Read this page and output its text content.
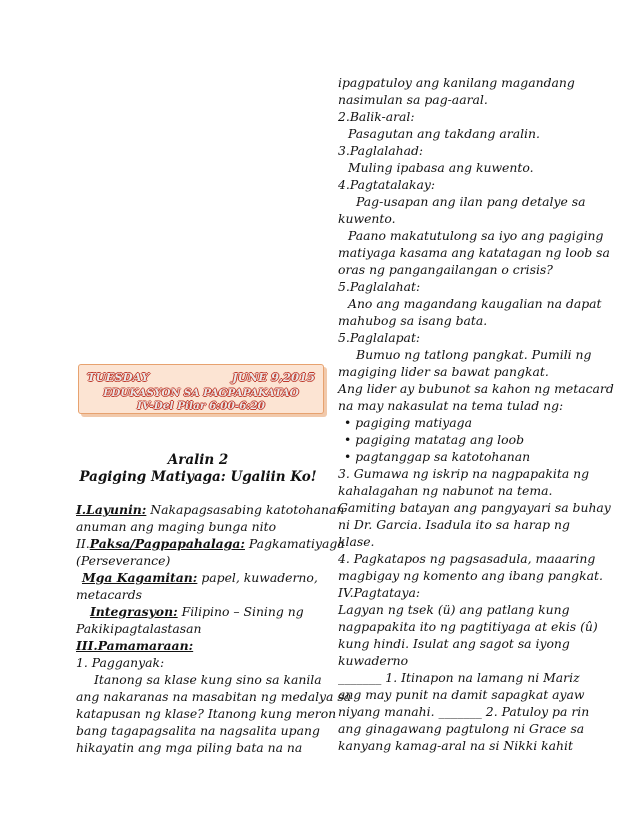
TUESDAY	JUNE 9,2015
EDUKASYON SA PAGPAPAKATAO
IV-Del Pilar 6:00-6:20
Aralin 2
Pagiging Matiyaga: Ugaliin Ko!
I.Layunin: Nakapagsasabing katotohanan
anuman ang maging bunga nito
II.Paksa/Pagpapahalaga: Pagkamatiyaga
(Perseverance)
Mga Kagamitan: papel, kuwaderno,
metacards
Integrasyon: Filipino – Sining ng
Pakikipagtalastasan
III.Pamamaraan:
1. Pagganyak:
Itanong sa klase kung sino sa kanila
ang nakaranas na masabitan ng medalya sa
katapusan ng klase? Itanong kung meron
bang tagapagsalita na nagsalita upang
hikayatin ang mga piling bata na na
ipagpatuloy ang kanilang magandang
nasimulan sa pag-aaral.
2.Balik-aral:
Pasagutan ang takdang aralin.
3.Paglalahad:
Muling ipabasa ang kuwento.
4.Pagtatalakay:
Pag-usapan ang ilan pang detalye sa
kuwento.
Paano makatutulong sa iyo ang pagiging
matiyaga kasama ang katatagan ng loob sa
oras ng pangangailangan o crisis?
5.Paglalahat:
Ano ang magandang kaugalian na dapat
mahubog sa isang bata.
5.Paglalapat:
Bumuo ng tatlong pangkat. Pumili ng
magiging lider sa bawat pangkat.
Ang lider ay bubunot sa kahon ng metacard
na may nakasulat na tema tulad ng:
• pagiging matiyaga
• pagiging matatag ang loob
• pagtanggap sa katotohanan
3. Gumawa ng iskrip na nagpapakita ng
kahalagahan ng nabunot na tema.
Gamiting batayan ang pangyayari sa buhay
ni Dr. Garcia. Isadula ito sa harap ng
klase.
4. Pagkatapos ng pagsasadula, maaaring
magbigay ng komento ang ibang pangkat.
IV.Pagtataya:
Lagyan ng tsek (ü) ang patlang kung
nagpapakita ito ng pagtitiyaga at ekis (û)
kung hindi. Isulat ang sagot sa iyong
kuwaderno
_______ 1. Itinapon na lamang ni Mariz
ang may punit na damit sapagkat ayaw
niyang manahi. _______ 2. Patuloy pa rin
ang ginagawang pagtulong ni Grace sa
kanyang kamag-aral na si Nikki kahit
